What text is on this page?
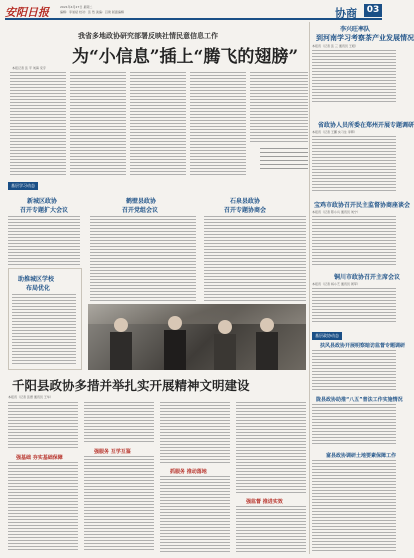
安阳日报	2021年4月27日 星期二
编辑：李旭斌 校对：张 然 美编：吕建 版面编辑	协商	03
我省多地政协研究部署反映社情民意信息工作
为“小信息”插上“腾飞的翅膀”
本报记者 张 平 刘海 宋宇
李兴旺率队
到河南学习考察茶产业发展情况
本报讯（记者 张 三 通讯员 王昭）
省政协人员所委在郑州开展专题调研
本报讯（记者 王鹏 实习生 李辉）
宝鸡市政协召开民主监督协商座谈会
本报讯（记者 陈小兵 通讯员 刘宁）
铜川市政协召开主席会议
本报讯（记者 杨小艺 通讯员 周军）
基层政协动态
扶风县政协开展明察暗访监督专题调研
陇县政协助推“八五”普法工作实施情况
富县政协调研土地要素保障工作
基层学习动态
新城区政协
召开专题扩大会议
鹤壁县政协
召开党组会议
石泉县政协
召开专题协商会
助推城区学校
布局优化
千阳县政协多措并举扎实开展精神文明建设
本报讯（记者 张德 通讯员 王华）
强基础 夯实基础保障
强服务 互学互鉴
抓服务 推动落地
强监督 推进实效
